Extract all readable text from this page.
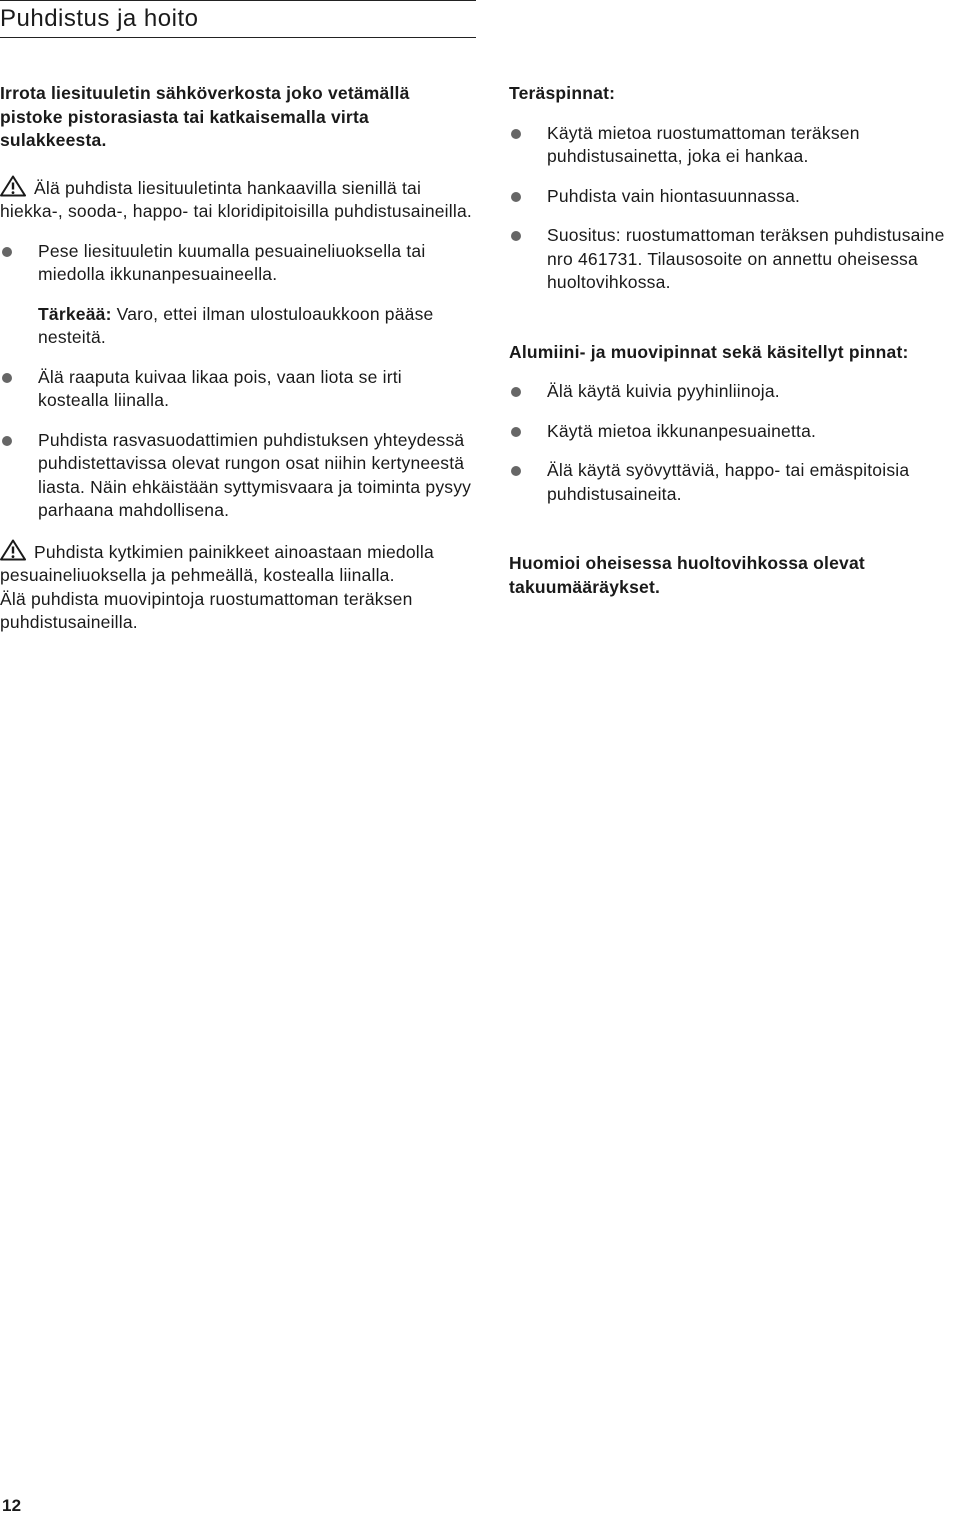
Puhdistus ja hoito

Irrota liesituuletin sähköverkosta joko vetämällä pistoke pistorasiasta tai katkaisemalla virta sulakkeesta.

Älä puhdista liesituuletinta hankaavilla sienillä tai hiekka-, sooda-, happo- tai kloridipitoisilla puhdistusaineilla.

Pese liesituuletin kuumalla pesuaineliuoksella tai miedolla ikkunanpesuaineella.

Tärkeää: Varo, ettei ilman ulostuloaukkoon pääse nesteitä.

Älä raaputa kuivaa likaa pois, vaan liota se irti kostealla liinalla.

Puhdista rasvasuodattimien puhdistuksen yhteydessä puhdistettavissa olevat rungon osat niihin kertyneestä liasta. Näin ehkäistään syttymisvaara ja toiminta pysyy parhaana mahdollisena.

Puhdista kytkimien painikkeet ainoastaan miedolla pesuaineliuoksella ja pehmeällä, kostealla liinalla.

Älä puhdista muovipintoja ruostumattoman teräksen puhdistusaineilla.

Teräspinnat:

Käytä mietoa ruostumattoman teräksen puhdistusainetta, joka ei hankaa.

Puhdista vain hiontasuunnassa.

Suositus: ruostumattoman teräksen puhdistusaine nro 461731. Tilausosoite on annettu oheisessa huoltovihkossa.

Alumiini- ja muovipinnat sekä käsitellyt pinnat:

Älä käytä kuivia pyyhinliinoja.

Käytä mietoa ikkunanpesuainetta.

Älä käytä syövyttäviä, happo- tai emäspitoisia puhdistusaineita.

Huomioi oheisessa huoltovihkossa olevat takuumääräykset.

12
